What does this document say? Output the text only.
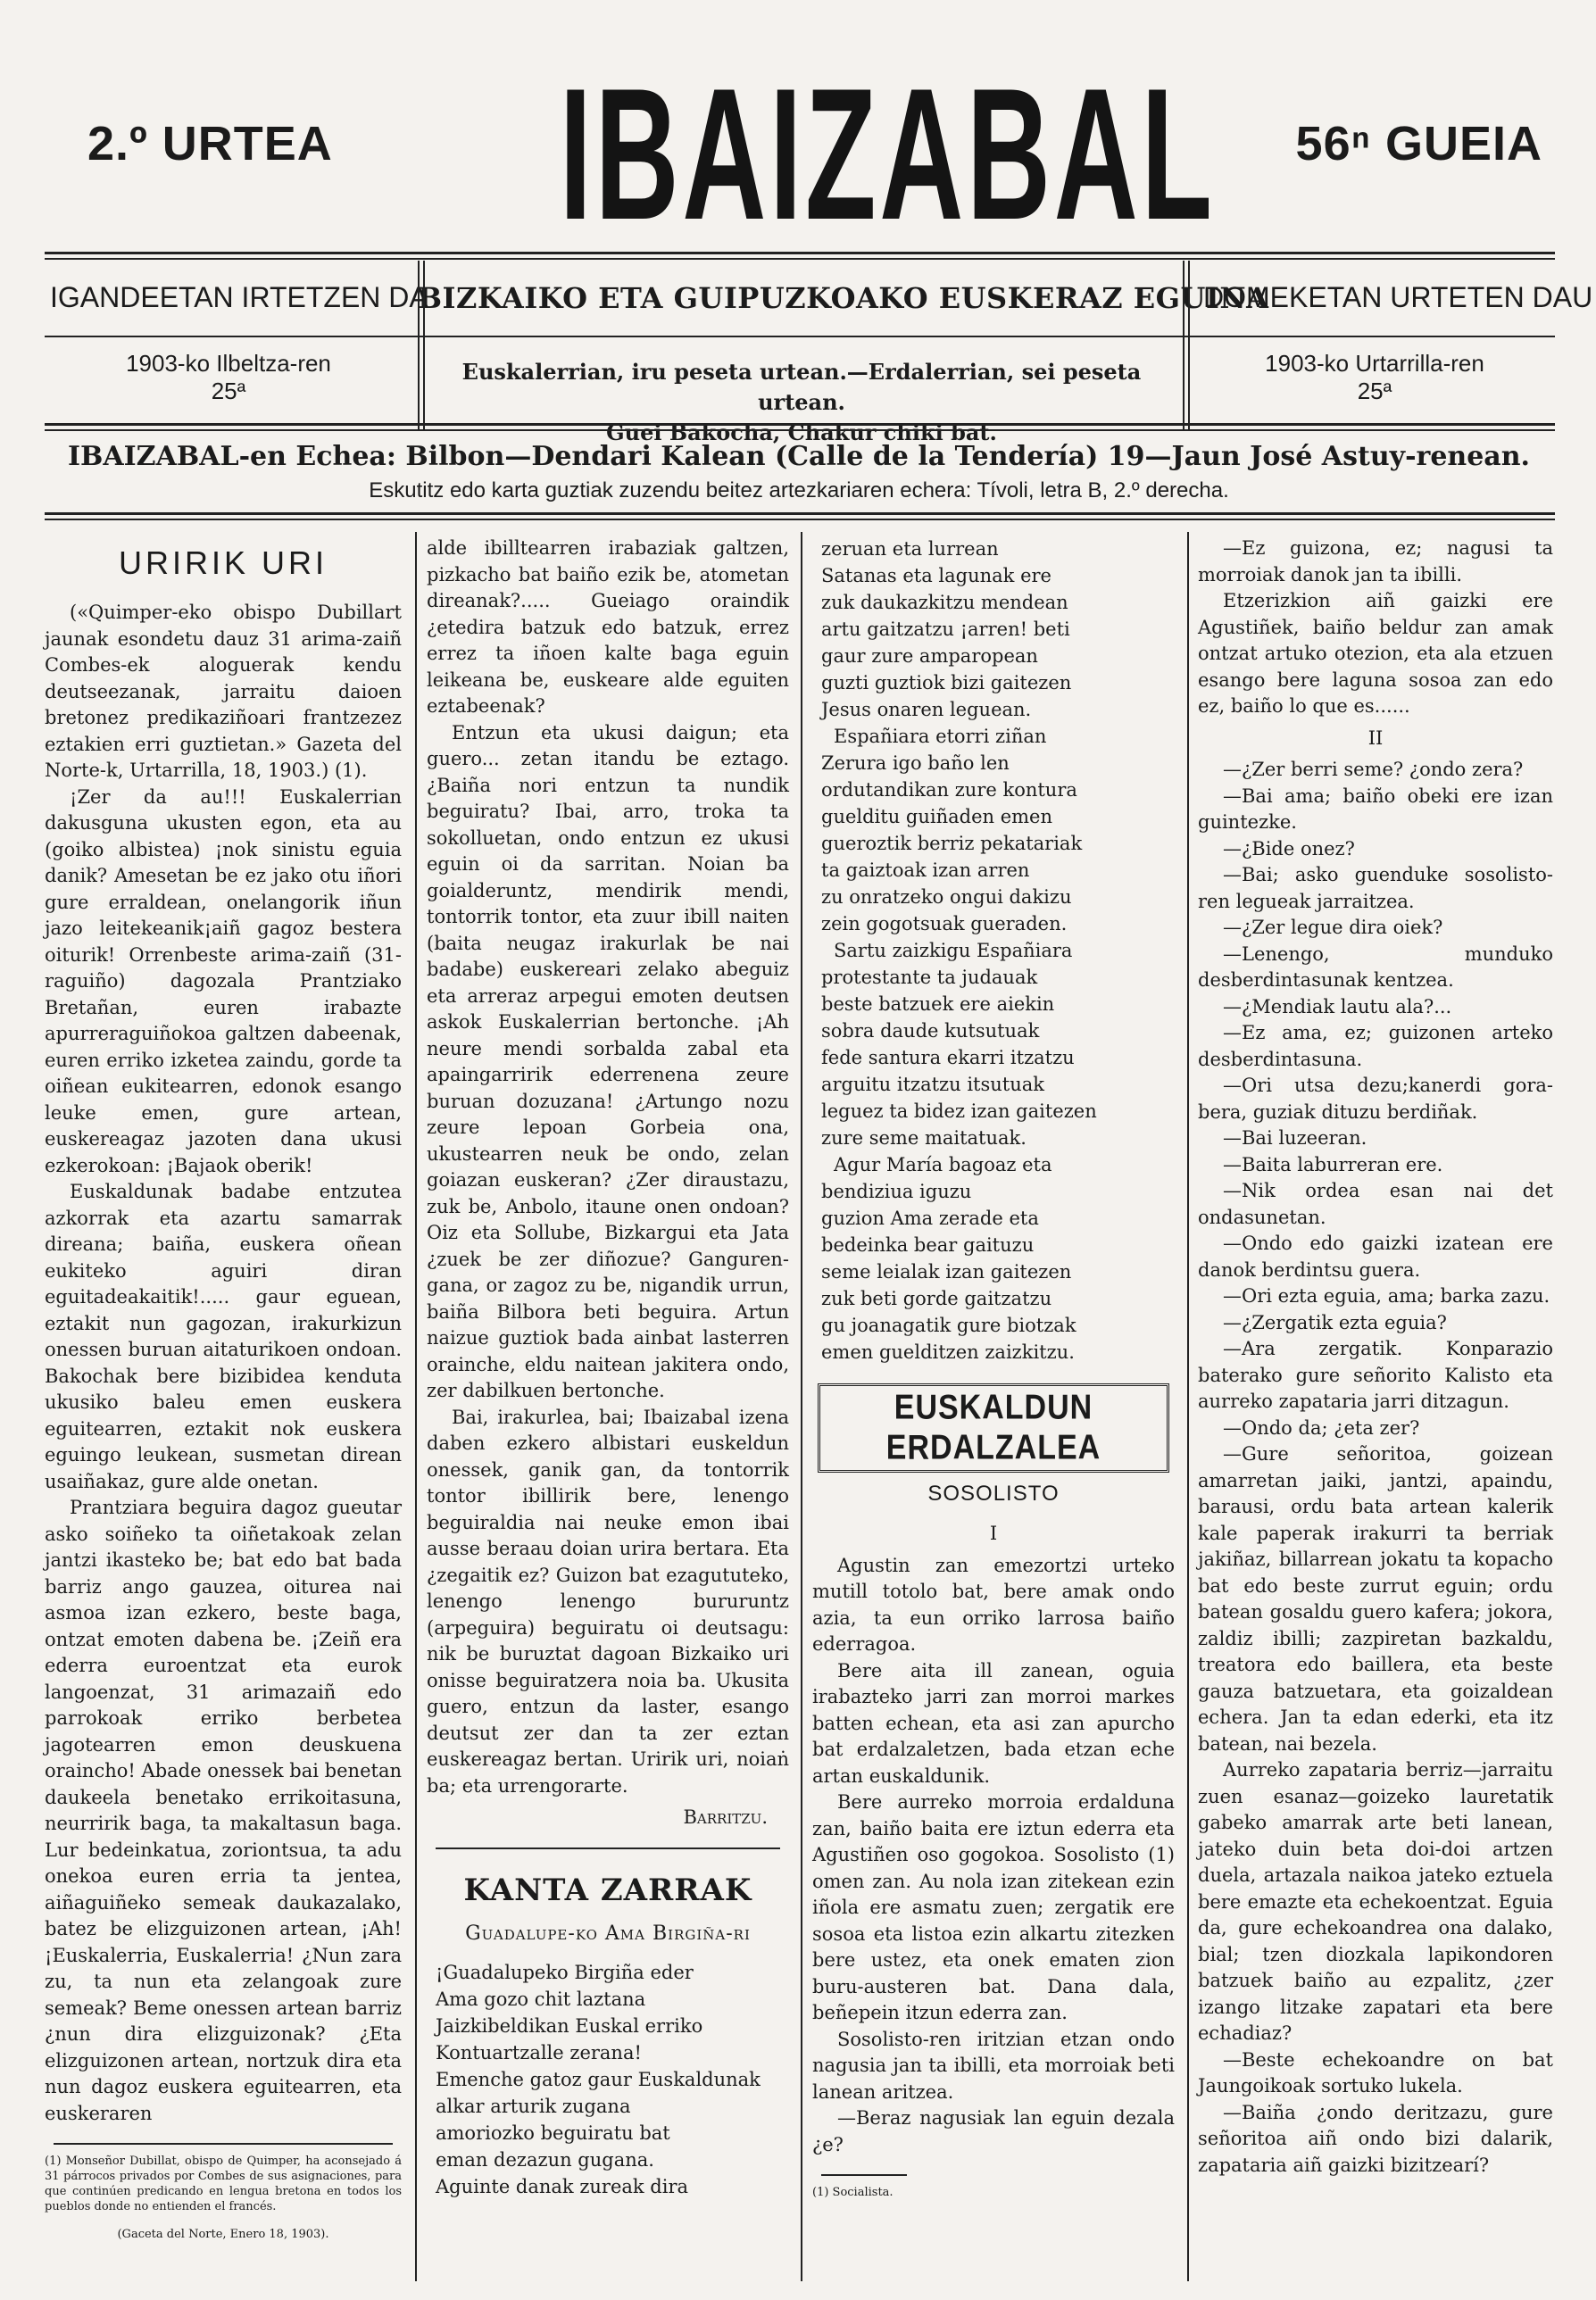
2.º URTEA IBAIZABAL 56ⁿ GUEIA
IGANDEETAN IRTETZEN DA
BIZKAIKO ETA GUIPUZKOAKO EUSKERAZ EGUINA
DOMEKETAN URTETEN DAU
1903-ko Ilbeltza-ren
25ª
Euskalerrian, iru peseta urtean.—Erdalerrian, sei peseta urtean.
Guei Bakocha, Chakur chiki bat.
1903-ko Urtarrilla-ren
25ª
IBAIZABAL-en Echea: Bilbon—Dendari Kalean (Calle de la Tendería) 19—Jaun José Astuy-renean.
Eskutitz edo karta guztiak zuzendu beitez artezkariaren echera: Tívoli, letra B, 2.º derecha.
URIRIK URI

(«Quimper-eko obispo Dubillart jaunak esondetu dauz 31 arima-zaiñ Combes-ek aloguerak kendu deutseezanak, jarraitu daioen bretonez predikaziñoari frantzezez eztakien erri guztietan.» Gazeta del Norte-k, Urtarrilla, 18, 1903.) (1).

¡Zer da au!!! Euskalerrian dakusguna ukusten egon, eta au (goiko albistea) ¡nok sinistu eguia danik? Amesetan be ez jako otu iñori gure erraldean, onelangorik iñun jazo leitekeanik¡aiñ gagoz bestera oiturik! Orrenbeste arima-zaiñ (31-raguiño) dagozala Prantziako Bretañan, euren irabazte apurreraguiñokoa galtzen dabeenak, euren erriko izketea zaindu, gorde ta oiñean eukitearren, edonok esango leuke emen, gure artean, euskereagaz jazoten dana ukusi ezkerokoan: ¡Bajaok oberik!

Euskaldunak badabe entzutea azkorrak eta azartu samarrak direana; baiña, euskera oñean eukiteko aguiri diran eguitadeakaitik!..... gaur eguean, eztakit nun gagozan, irakurkizun onessen buruan aitaturikoen ondoan. Bakochak bere bizibidea kenduta ukusiko baleu emen euskera eguitearren, eztakit nok euskera eguingo leukean, susmetan direan usaiñakaz, gure alde onetan.

Prantziara beguira dagoz gueutar asko soiñeko ta oiñetakoak zelan jantzi ikasteko be; bat edo bat bada barriz ango gauzea, oiturea nai asmoa izan ezkero, beste baga, ontzat emoten dabena be. ¡Zeiñ era ederra euroentzat eta eurok langoenzat, 31 arimazaiñ edo parrokoak erriko berbetea jagotearren emon deuskuena oraincho! Abade onessek bai benetan daukeela benetako errikoitasuna, neurririk baga, ta makaltasun baga. Lur bedeinkatua, zoriontsua, ta adu onekoa euren erria ta jentea, aiñaguiñeko semeak daukazalako, batez be elizguizonen artean, ¡Ah! ¡Euskalerria, Euskalerria! ¿Nun zara zu, ta nun eta zelangoak zure semeak? Beme onessen artean barriz ¿nun dira elizguizonak? ¿Eta elizguizonen artean, nortzuk dira eta nun dagoz euskera eguitearren, eta euskeraren

(1) Monseñor Dubillat, obispo de Quimper, ha aconsejado á 31 párrocos privados por Combes de sus asignaciones, para que continúen predicando en lengua bretona en todos los pueblos donde no entienden el francés.
(Gaceta del Norte, Enero 18, 1903).

alde ibilltearren irabaziak galtzen, pizkacho bat baiño ezik be, atometan direanak?..... Gueiago oraindik ¿etedira batzuk edo batzuk, errez errez ta iñoen kalte baga eguin leikeana be, euskeare alde eguiten eztabeenak?

Entzun eta ukusi daigun; eta guero... zetan itandu be eztago. ¿Baiña nori entzun ta nundik beguiratu? Ibai, arro, troka ta sokolluetan, ondo entzun ez ukusi eguin oi da sarritan. Noian ba goialderuntz, mendirik mendi, tontorrik tontor, eta zuur ibill naiten (baita neugaz irakurlak be nai badabe) euskereari zelako abeguiz eta arreraz arpegui emoten deutsen askok Euskalerrian bertonche. ¡Ah neure mendi sorbalda zabal eta apaingarririk ederrenena zeure buruan dozuzana! ¿Artungo nozu zeure lepoan Gorbeia ona, ukustearren neuk be ondo, zelan goiazan euskeran? ¿Zer diraustazu, zuk be, Anbolo, itaune onen ondoan? Oiz eta Sollube, Bizkargui eta Jata ¿zuek be zer diñozue? Ganguren-gana, or zagoz zu be, nigandik urrun, baiña Bilbora beti beguira. Artun naizue guztiok bada ainbat lasterren orainche, eldu naitean jakitera ondo, zer dabilkuen bertonche.

Bai, irakurlea, bai; Ibaizabal izena daben ezkero albistari euskeldun onessek, ganik gan, da tontorrik tontor ibillirik bere, lenengo beguiraldia nai neuke emon ibai ausse beraau doian urira bertara. Eta ¿zegaitik ez? Guizon bat ezagututeko, lenengo lenengo bururuntz (arpeguira) beguiratu oi deutsagu: nik be buruztat dagoan Bizkaiko uri onisse beguiratzera noia ba. Ukusita guero, entzun da laster, esango deutsut zer dan ta zer eztan euskereagaz bertan. Uririk uri, noiaṅ ba; eta urrengorarte.

Barritzu.
KANTA ZARRAK
Guadalupe-ko Ama Birgiña-ri
¡Guadalupeko Birgiña eder
Ama gozo chit laztana
Jaizkibeldikan Euskal erriko
Kontuartzalle zerana!
Emenche gatoz gaur Euskaldunak
alkar arturik zugana
amoriozko beguiratu bat
eman dezazun gugana.
Aguinte danak zureak dira
zeruan eta lurrean
Satanas eta lagunak ere
zuk daukazkitzu mendean
artu gaitzatzu ¡arren! beti
gaur zure amparopean
guzti guztiok bizi gaitezen
Jesus onaren leguean.
Españiara etorri ziñan
Zerura igo baño len
ordutandikan zure kontura
guelditu guiñaden emen
gueroztik berriz pekatariak
ta gaiztoak izan arren
zu onratzeko ongui dakizu
zein gogotsuak gueraden.
Sartu zaizkigu Españiara
protestante ta judauak
beste batzuek ere aiekin
sobra daude kutsutuak
fede santura ekarri itzatzu
arguitu itzatzu itsutuak
leguez ta bidez izan gaitezen
zure seme maitatuak.
Agur María bagoaz eta
bendiziua iguzu
guzion Ama zerade eta
bedeinka bear gaituzu
seme leialak izan gaitezen
zuk beti gorde gaitzatzu
gu joanagatik gure biotzak
emen guelditzen zaizkitzu.
EUSKALDUN ERDALZALEA
SOSOLISTO
I

Agustin zan emezortzi urteko mutill totolo bat, bere amak ondo azia, ta eun orriko larrosa baiño ederragoa.

Bere aita ill zanean, oguia irabazteko jarri zan morroi markes batten echean, eta asi zan apurcho bat erdalzaletzen, bada etzan eche artan euskaldunik.

Bere aurreko morroia erdalduna zan, baiño baita ere iztun ederra eta Agustiñen oso gogokoa. Sosolisto (1) omen zan. Au nola izan zitekean ezin iñola ere asmatu zuen; zergatik ere sosoa eta listoa ezin alkartu zitezken bere ustez, eta onek ematen zion buru-austeren bat. Dana dala, beñepein itzun ederra zan.

Sosolisto-ren iritzian etzan ondo nagusia jan ta ibilli, eta morroiak beti lanean aritzea.

—Beraz nagusiak lan eguin dezala ¿e?

(1) Socialista.

—Ez guizona, ez; nagusi ta morroiak danok jan ta ibilli.

Etzerizkion aiñ gaizki ere Agustiñek, baiño beldur zan amak ontzat artuko otezion, eta ala etzuen esango bere laguna sosoa zan edo ez, baiño lo que es......

II

—¿Zer berri seme? ¿ondo zera?

—Bai ama; baiño obeki ere izan guintezke.

—¿Bide onez?

—Bai; asko guenduke sosolisto-ren legueak jarraitzea.

—¿Zer legue dira oiek?

—Lenengo, munduko desberdintasunak kentzea.

—¿Mendiak lautu ala?...

—Ez ama, ez; guizonen arteko desberdintasuna.

—Ori utsa dezu;kanerdi gora-bera, guziak dituzu berdiñak.

—Bai luzeeran.

—Baita laburreran ere.

—Nik ordea esan nai det ondasunetan.

—Ondo edo gaizki izatean ere danok berdintsu guera.

—Ori ezta eguia, ama; barka zazu.

—¿Zergatik ezta eguia?

—Ara zergatik. Konparazio baterako gure señorito Kalisto eta aurreko zapataria jarri ditzagun.

—Ondo da; ¿eta zer?

—Gure señoritoa, goizean amarretan jaiki, jantzi, apaindu, barausi, ordu bata artean kalerik kale paperak irakurri ta berriak jakiñaz, billarrean jokatu ta kopacho bat edo beste zurrut eguin; ordu batean gosaldu guero kafera; jokora, zaldiz ibilli; zazpiretan bazkaldu, treatora edo baillera, eta beste gauza batzuetara, eta goizaldean echera. Jan ta edan ederki, eta itz batean, nai bezela.

Aurreko zapataria berriz—jarraitu zuen esanaz—goizeko lauretatik gabeko amarrak arte beti lanean, jateko duin beta doi-doi artzen duela, artazala naikoa jateko eztuela bere emazte eta echekoentzat. Eguia da, gure echekoandrea ona dalako, bial; tzen diozkala lapikondoren batzuek baiño au ezpalitz, ¿zer izango litzake zapatari eta bere echadiaz?

—Beste echekoandre on bat Jaungoikoak sortuko lukela.

—Baiña ¿ondo deritzazu, gure señoritoa aiñ ondo bizi dalarik, zapataria aiñ gaizki bizitzearí?
